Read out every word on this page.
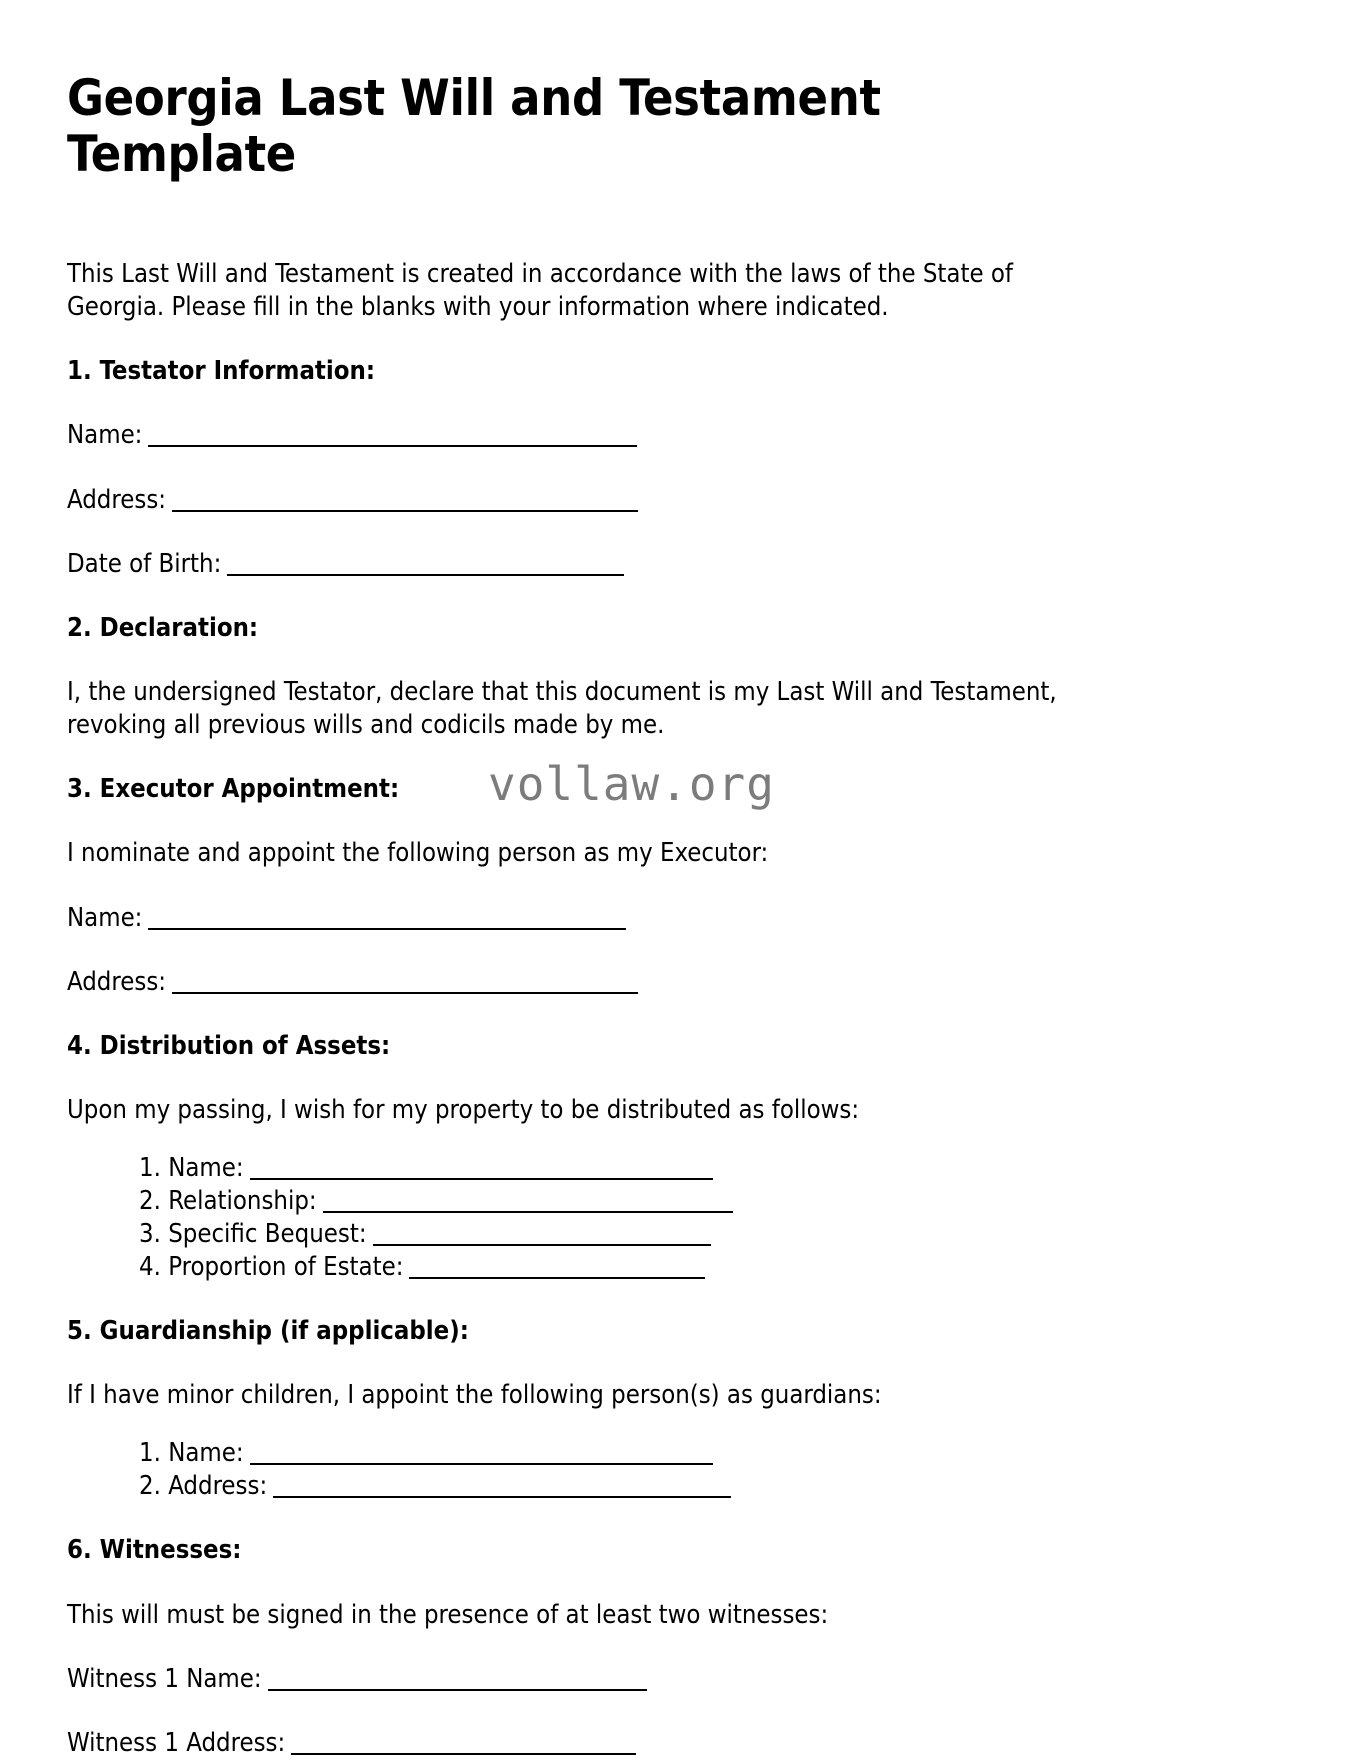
Georgia Last Will and Testament Template

This Last Will and Testament is created in accordance with the laws of the State of Georgia. Please fill in the blanks with your information where indicated.

1. Testator Information:

Name:

Address:

Date of Birth:

2. Declaration:

I, the undersigned Testator, declare that this document is my Last Will and Testament, revoking all previous wills and codicils made by me.

3. Executor Appointment:

I nominate and appoint the following person as my Executor:

Name:

Address:

4. Distribution of Assets:

Upon my passing, I wish for my property to be distributed as follows:

1. Name:
2. Relationship:
3. Specific Bequest:
4. Proportion of Estate:
5. Guardianship (if applicable):

If I have minor children, I appoint the following person(s) as guardians:

1. Name:
2. Address:
6. Witnesses:

This will must be signed in the presence of at least two witnesses:

Witness 1 Name:

Witness 1 Address:

vollaw.org
